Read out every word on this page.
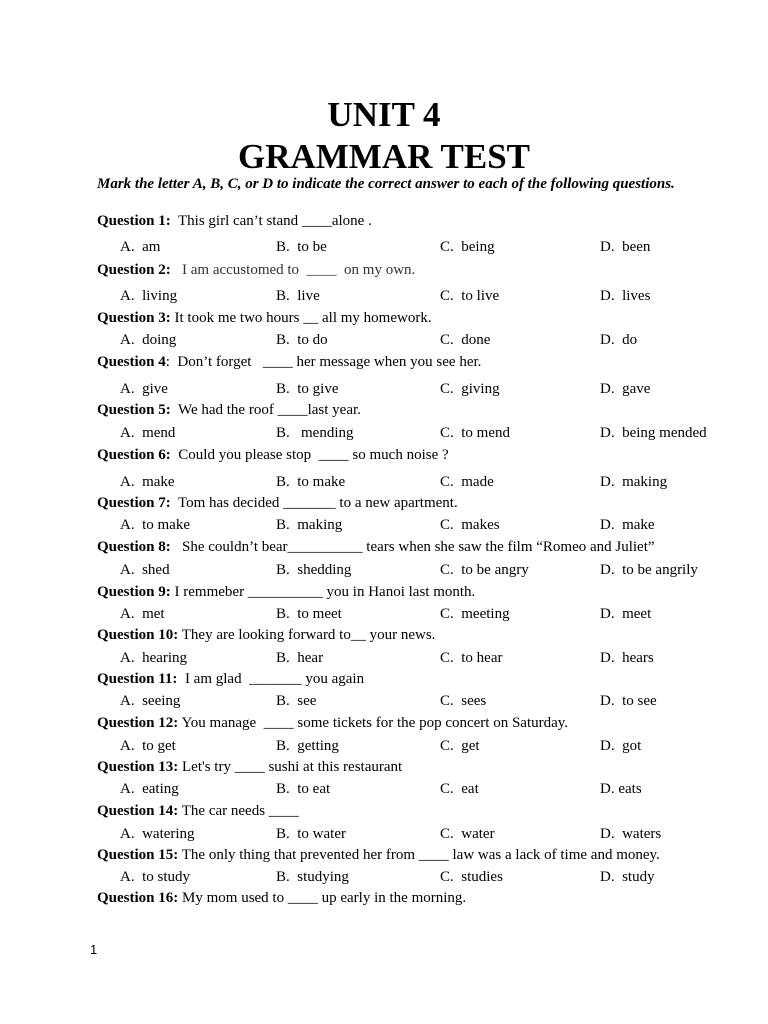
UNIT 4
GRAMMAR TEST

Mark the letter A, B, C, or D to indicate the correct answer to each of the following questions.

Question 1:  This girl can’t stand ____alone .
A.  am	B.  to be	C.  being	D.  been
Question 2:   I am accustomed to  ____  on my own.
A.  living	B.  live	C.  to live	D.  lives
Question 3: It took me two hours __ all my homework.
A.  doing	B.  to do	C.  done	D.  do
Question 4:  Don’t forget   ____ her message when you see her.
A.  give	B.  to give	C.  giving	D.  gave
Question 5:  We had the roof ____last year.
A.  mend	B.   mending	C.  to mend	D.  being mended
Question 6:  Could you please stop  ____ so much noise ?
A.  make	B.  to make	C.  made	D.  making
Question 7:  Tom has decided _______ to a new apartment.
A.  to make	B.  making	C.  makes	D.  make
Question 8:   She couldn’t bear__________ tears when she saw the film “Romeo and Juliet”
A.  shed	B.  shedding	C.  to be angry	D.  to be angrily
Question 9: I remmeber __________ you in Hanoi last month.
A.  met	B.  to meet	C.  meeting	D.  meet
Question 10: They are looking forward to__ your news.
A.  hearing	B.  hear	C.  to hear	D.  hears
Question 11:  I am glad  _______ you again
A.  seeing	B.  see	C.  sees	D.  to see
Question 12: You manage  ____ some tickets for the pop concert on Saturday.
A.  to get	B.  getting	C.  get	D.  got
Question 13: Let's try ____ sushi at this restaurant
A.  eating	B.  to eat	C.  eat	D. eats
Question 14: The car needs ____
A.  watering	B.  to water	C.  water	D.  waters
Question 15: The only thing that prevented her from ____ law was a lack of time and money.
A.  to study	B.  studying	C.  studies	D.  study
Question 16: My mom used to ____ up early in the morning.
1
